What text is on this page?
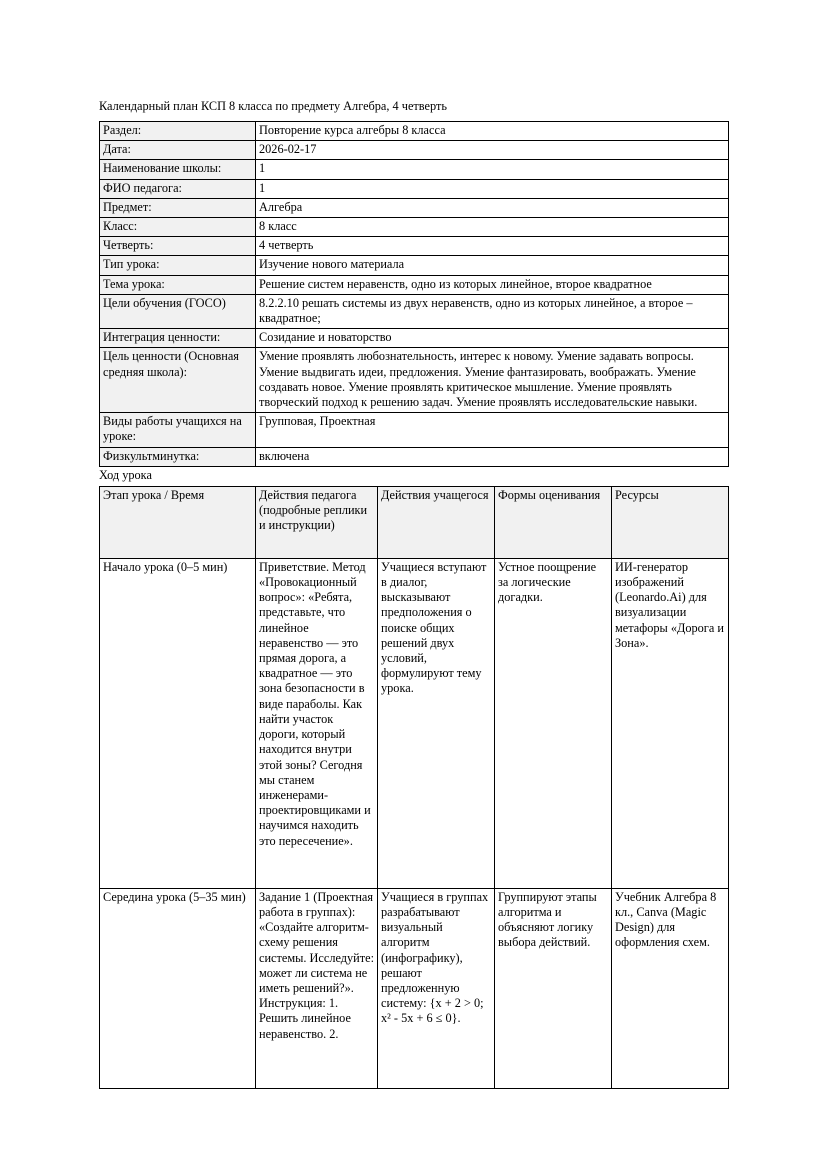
Календарный план КСП 8 класса по предмету Алгебра, 4 четверть
Раздел:	Повторение курса алгебры 8 класса
Дата:	2026-02-17
Наименование школы:	1
ФИО педагога:	1
Предмет:	Алгебра
Класс:	8 класс
Четверть:	4 четверть
Тип урока:	Изучение нового материала
Тема урока:	Решение систем неравенств, одно из которых линейное, второе квадратное
Цели обучения (ГОСО)	8.2.2.10 решать системы из двух неравенств, одно из которых линейное, а второе – квадратное;
Интеграция ценности:	Созидание и новаторство
Цель ценности (Основная средняя школа):	Умение проявлять любознательность, интерес к новому. Умение задавать вопросы. Умение выдвигать идеи, предложения. Умение фантазировать, воображать. Умение создавать новое. Умение проявлять критическое мышление. Умение проявлять творческий подход к решению задач. Умение проявлять исследовательские навыки.
Виды работы учащихся на уроке:	Групповая, Проектная
Физкультминутка:	включена
Ход урока
Этап урока / Время	Действия педагога (подробные реплики и инструкции)	Действия учащегося	Формы оценивания	Ресурсы
Начало урока (0–5 мин)	Приветствие. Метод «Провокационный вопрос»: «Ребята, представьте, что линейное неравенство — это прямая дорога, а квадратное — это зона безопасности в виде параболы. Как найти участок дороги, который находится внутри этой зоны? Сегодня мы станем инженерами-проектировщиками и научимся находить это пересечение».	Учащиеся вступают в диалог, высказывают предположения о поиске общих решений двух условий, формулируют тему урока.	Устное поощрение за логические догадки.	ИИ-генератор изображений (Leonardo.Ai) для визуализации метафоры «Дорога и Зона».
Середина урока (5–35 мин)	Задание 1 (Проектная работа в группах): «Создайте алгоритм-схему решения системы. Исследуйте: может ли система не иметь решений?». Инструкция: 1. Решить линейное неравенство. 2.	Учащиеся в группах разрабатывают визуальный алгоритм (инфографику), решают предложенную систему: {х + 2 > 0; х² - 5х + 6 ≤ 0}.	Группируют этапы алгоритма и объясняют логику выбора действий.	Учебник Алгебра 8 кл., Canva (Magic Design) для оформления схем.
